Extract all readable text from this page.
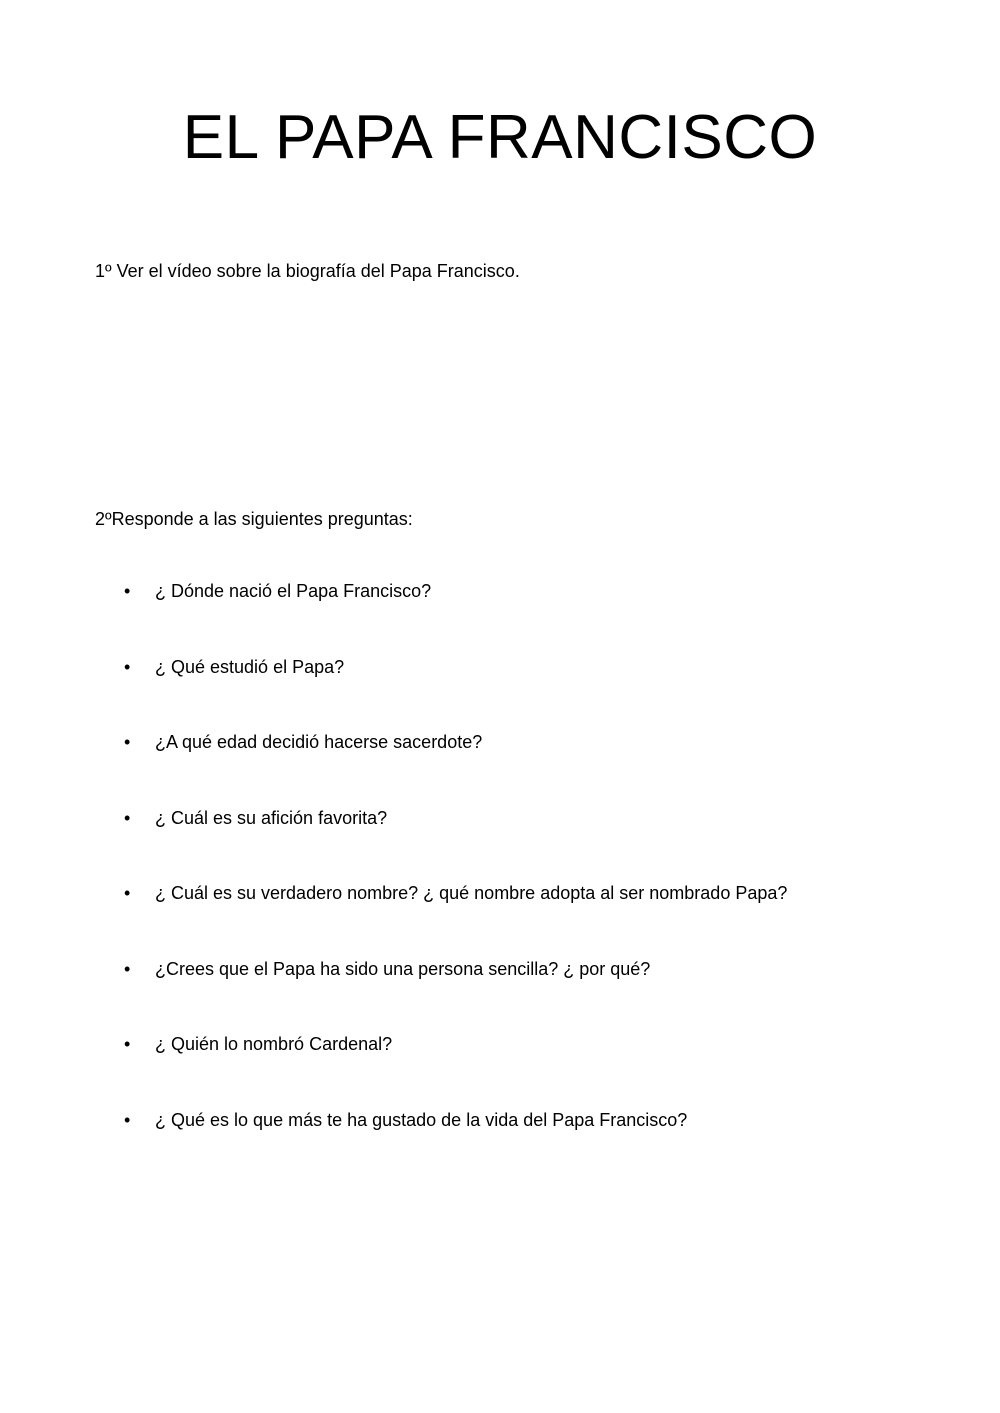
EL PAPA FRANCISCO

1º Ver el vídeo sobre la biografía del Papa Francisco.

2ºResponde a las siguientes preguntas:

• ¿ Dónde nació el Papa Francisco?
• ¿ Qué estudió el Papa?
• ¿A qué edad decidió hacerse sacerdote?
• ¿ Cuál es su afición favorita?
• ¿ Cuál es su verdadero nombre? ¿ qué nombre adopta al ser nombrado Papa?
• ¿Crees que el Papa ha sido una persona sencilla? ¿ por qué?
• ¿ Quién lo nombró Cardenal?
• ¿ Qué es lo que más te ha gustado de la vida del Papa Francisco?
